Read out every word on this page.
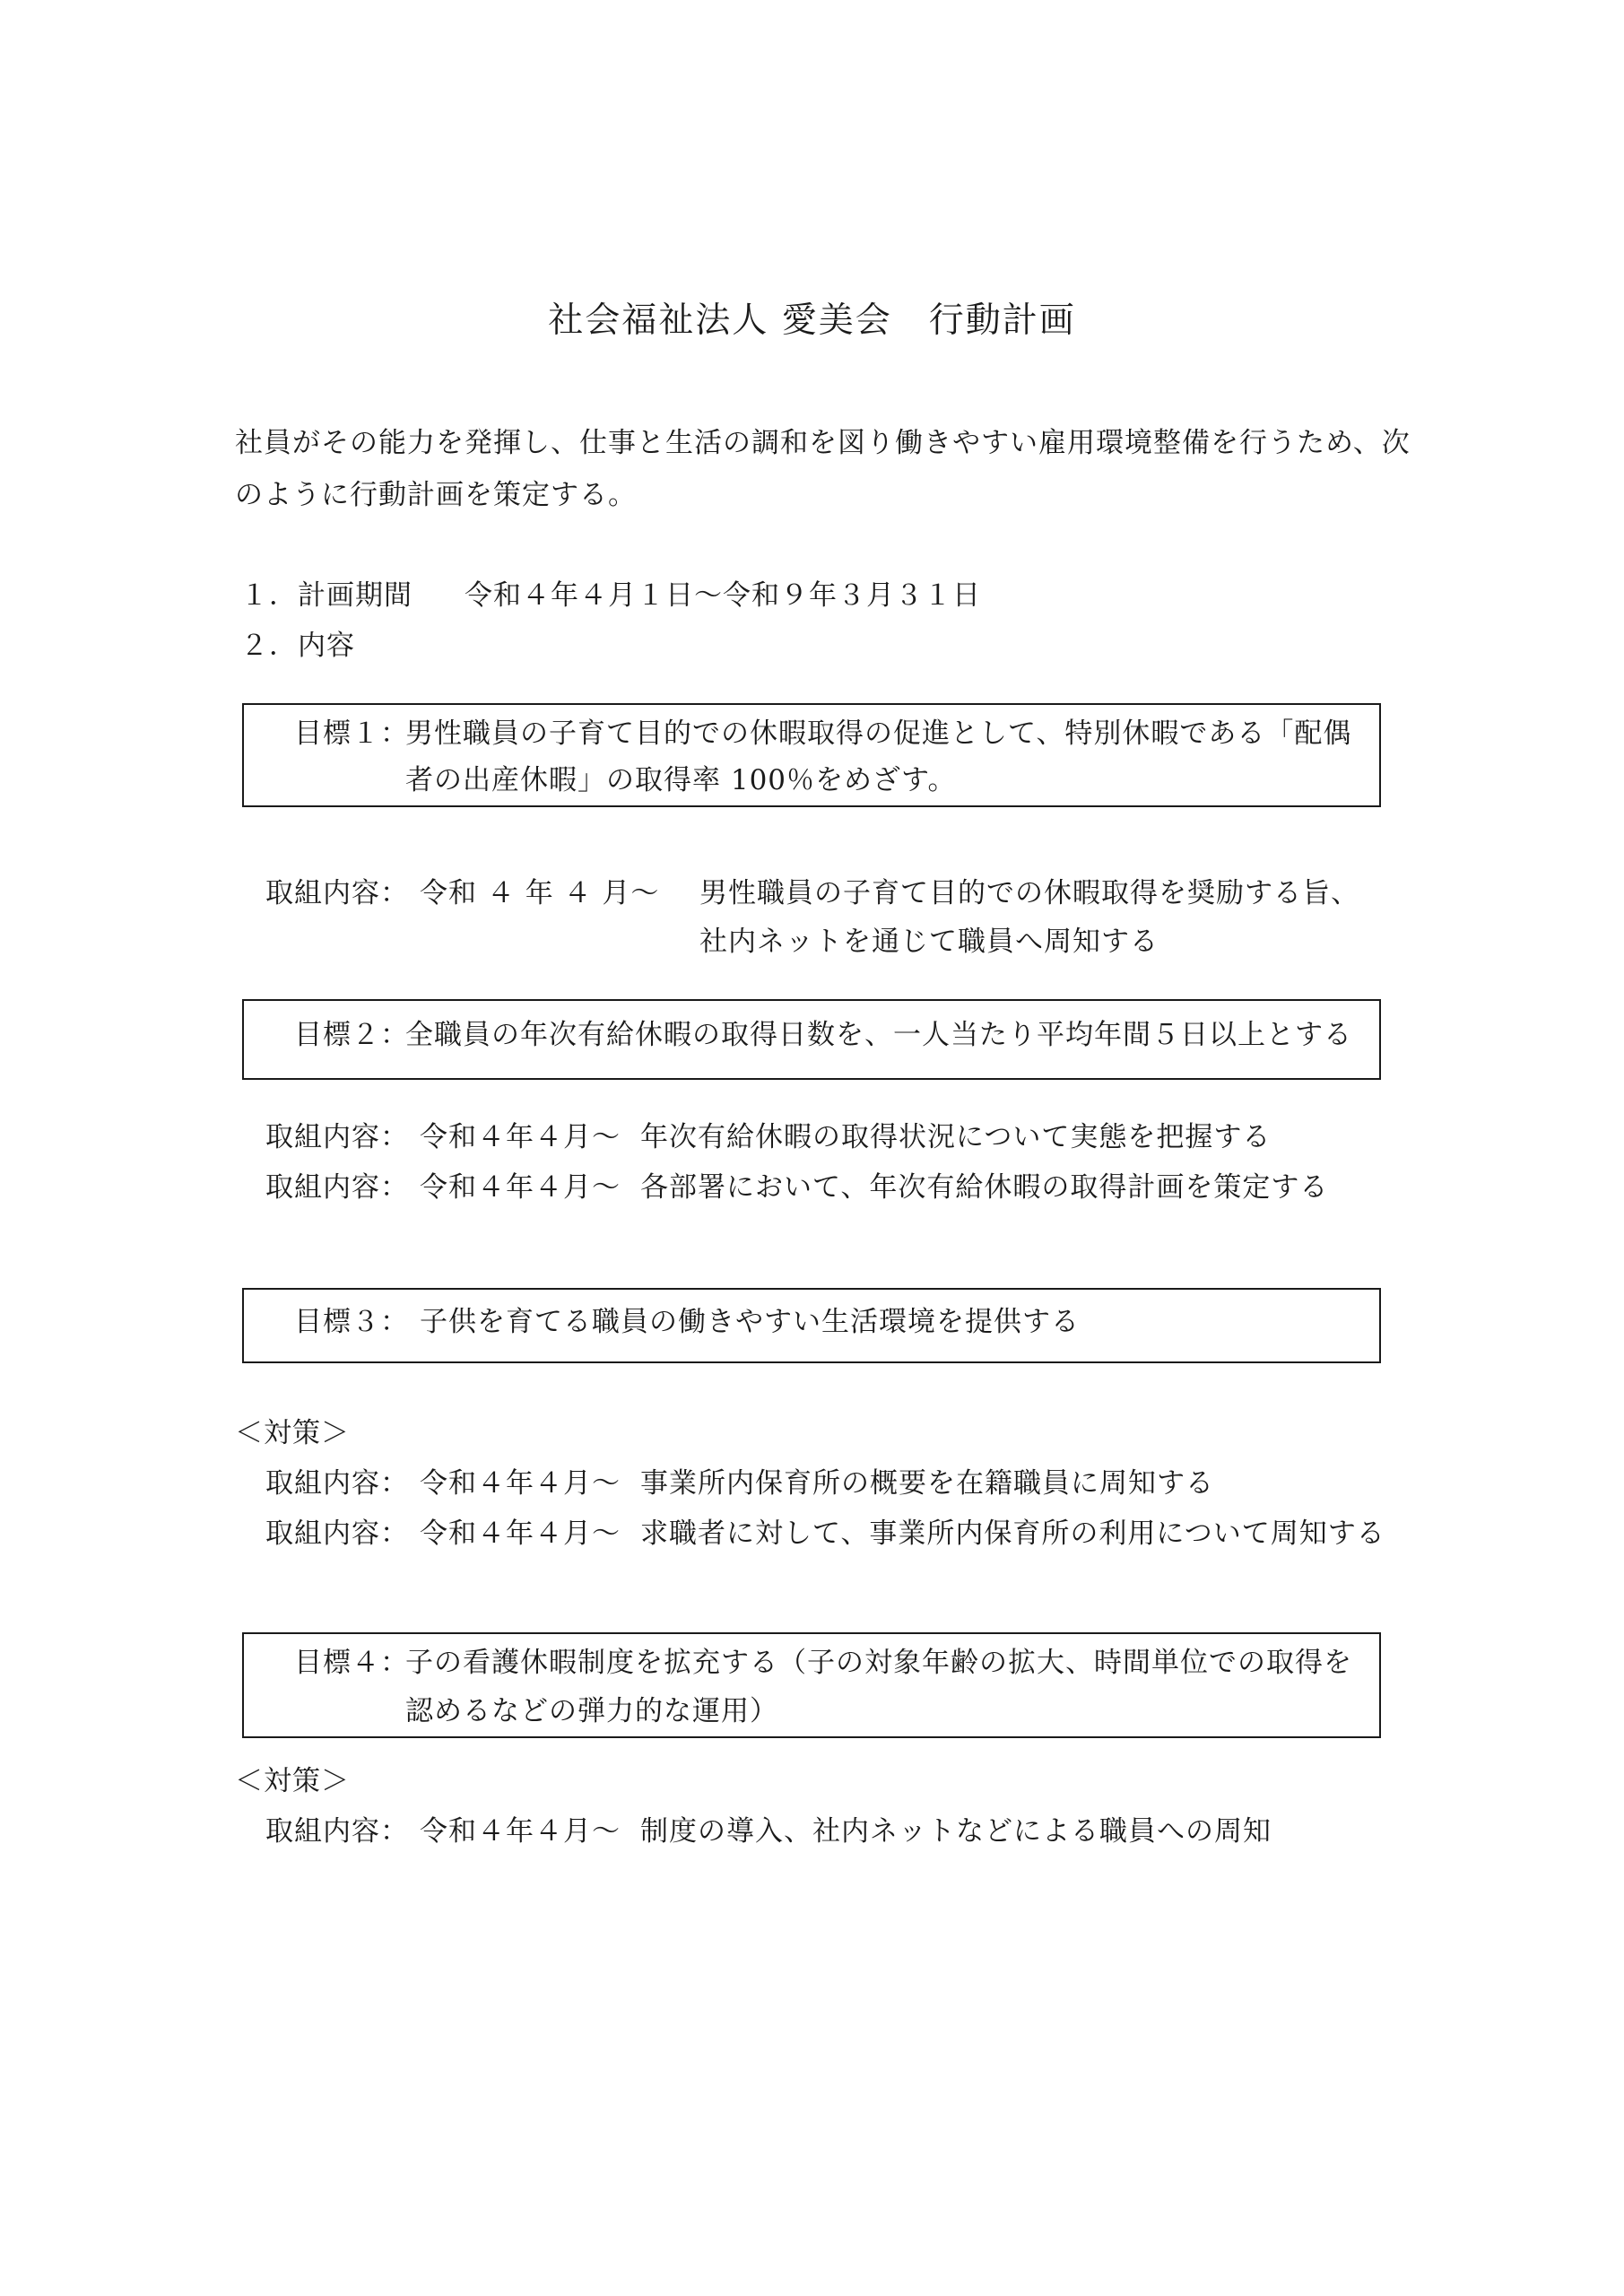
社会福祉法人 愛美会　行動計画
社員がその能力を発揮し、仕事と生活の調和を図り働きやすい雇用環境整備を行うため、次
のように行動計画を策定する。
１．計画期間 令和４年４月１日～令和９年３月３１日
２．内容
目標１：
男性職員の子育て目的での休暇取得の促進として、特別休暇である「配偶
者の出産休暇」の取得率 100％をめざす。
取組内容： 令和 ４ 年 ４ 月～ 男性職員の子育て目的での休暇取得を奨励する旨、
社内ネットを通じて職員へ周知する
目標２：
全職員の年次有給休暇の取得日数を、一人当たり平均年間５日以上とする
取組内容： 令和４年４月～ 年次有給休暇の取得状況について実態を把握する
取組内容： 令和４年４月～ 各部署において、年次有給休暇の取得計画を策定する
目標３： 子供を育てる職員の働きやすい生活環境を提供する
＜対策＞
取組内容： 令和４年４月～ 事業所内保育所の概要を在籍職員に周知する
取組内容： 令和４年４月～ 求職者に対して、事業所内保育所の利用について周知する
目標４：
子の看護休暇制度を拡充する（子の対象年齢の拡大、時間単位での取得を
認めるなどの弾力的な運用）
＜対策＞
取組内容： 令和４年４月～ 制度の導入、社内ネットなどによる職員への周知
